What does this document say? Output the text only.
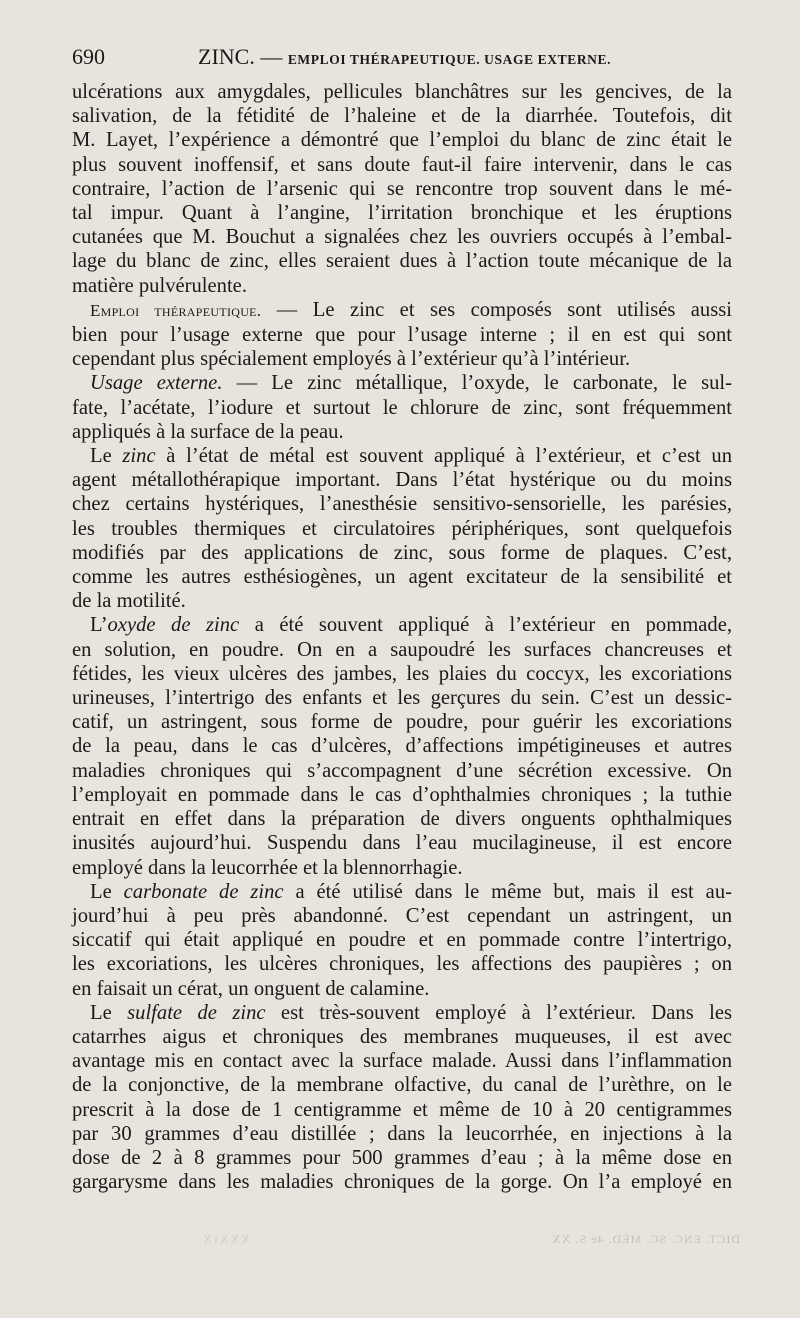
690	ZINC. — EMPLOI THÉRAPEUTIQUE. USAGE EXTERNE.

ulcérations aux amygdales, pellicules blanchâtres sur les gencives, de la
salivation, de la fétidité de l’haleine et de la diarrhée. Toutefois, dit
M. Layet, l’expérience a démontré que l’emploi du blanc de zinc était le
plus souvent inoffensif, et sans doute faut-il faire intervenir, dans le cas
contraire, l’action de l’arsenic qui se rencontre trop souvent dans le mé-
tal impur. Quant à l’angine, l’irritation bronchique et les éruptions
cutanées que M. Bouchut a signalées chez les ouvriers occupés à l’embal-
lage du blanc de zinc, elles seraient dues à l’action toute mécanique de la
matière pulvérulente.

Emploi thérapeutique. — Le zinc et ses composés sont utilisés aussi
bien pour l’usage externe que pour l’usage interne ; il en est qui sont
cependant plus spécialement employés à l’extérieur qu’à l’intérieur.

Usage externe. — Le zinc métallique, l’oxyde, le carbonate, le sul-
fate, l’acétate, l’iodure et surtout le chlorure de zinc, sont fréquemment
appliqués à la surface de la peau.

Le zinc à l’état de métal est souvent appliqué à l’extérieur, et c’est un
agent métallothérapique important. Dans l’état hystérique ou du moins
chez certains hystériques, l’anesthésie sensitivo-sensorielle, les parésies,
les troubles thermiques et circulatoires périphériques, sont quelquefois
modifiés par des applications de zinc, sous forme de plaques. C’est,
comme les autres esthésiogènes, un agent excitateur de la sensibilité et
de la motilité.

L’oxyde de zinc a été souvent appliqué à l’extérieur en pommade,
en solution, en poudre. On en a saupoudré les surfaces chancreuses et
fétides, les vieux ulcères des jambes, les plaies du coccyx, les excoriations
urineuses, l’intertrigo des enfants et les gerçures du sein. C’est un dessic-
catif, un astringent, sous forme de poudre, pour guérir les excoriations
de la peau, dans le cas d’ulcères, d’affections impétigineuses et autres
maladies chroniques qui s’accompagnent d’une sécrétion excessive. On
l’employait en pommade dans le cas d’ophthalmies chroniques ; la tuthie
entrait en effet dans la préparation de divers onguents ophthalmiques
inusités aujourd’hui. Suspendu dans l’eau mucilagineuse, il est encore
employé dans la leucorrhée et la blennorrhagie.

Le carbonate de zinc a été utilisé dans le même but, mais il est au-
jourd’hui à peu près abandonné. C’est cependant un astringent, un
siccatif qui était appliqué en poudre et en pommade contre l’intertrigo,
les excoriations, les ulcères chroniques, les affections des paupières ; on
en faisait un cérat, un onguent de calamine.

Le sulfate de zinc est très-souvent employé à l’extérieur. Dans les
catarrhes aigus et chroniques des membranes muqueuses, il est avec
avantage mis en contact avec la surface malade. Aussi dans l’inflammation
de la conjonctive, de la membrane olfactive, du canal de l’urèthre, on le
prescrit à la dose de 1 centigramme et même de 10 à 20 centigrammes
par 30 grammes d’eau distillée ; dans la leucorrhée, en injections à la
dose de 2 à 8 grammes pour 500 grammes d’eau ; à la même dose en
gargarysme dans les maladies chroniques de la gorge. On l’a employé en

DICT. ENC. SC. MÉD. 4e S. XX
XXXIX
